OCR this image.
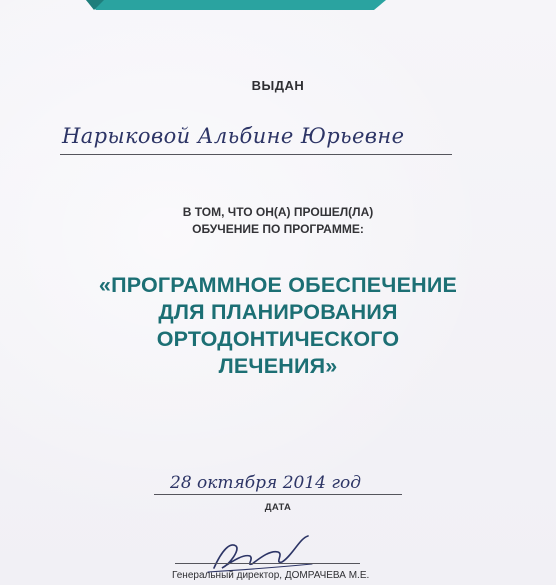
ВЫДАН
Нарыковой Альбине Юрьевне
В ТОМ, ЧТО ОН(А) ПРОШЕЛ(ЛА)
ОБУЧЕНИЕ ПО ПРОГРАММЕ:
«ПРОГРАММНОЕ ОБЕСПЕЧЕНИЕ
ДЛЯ ПЛАНИРОВАНИЯ
ОРТОДОНТИЧЕСКОГО
ЛЕЧЕНИЯ»
28 октября 2014 год
ДАТА
Генеральный директор, ДОМРАЧЕВА М.Е.
